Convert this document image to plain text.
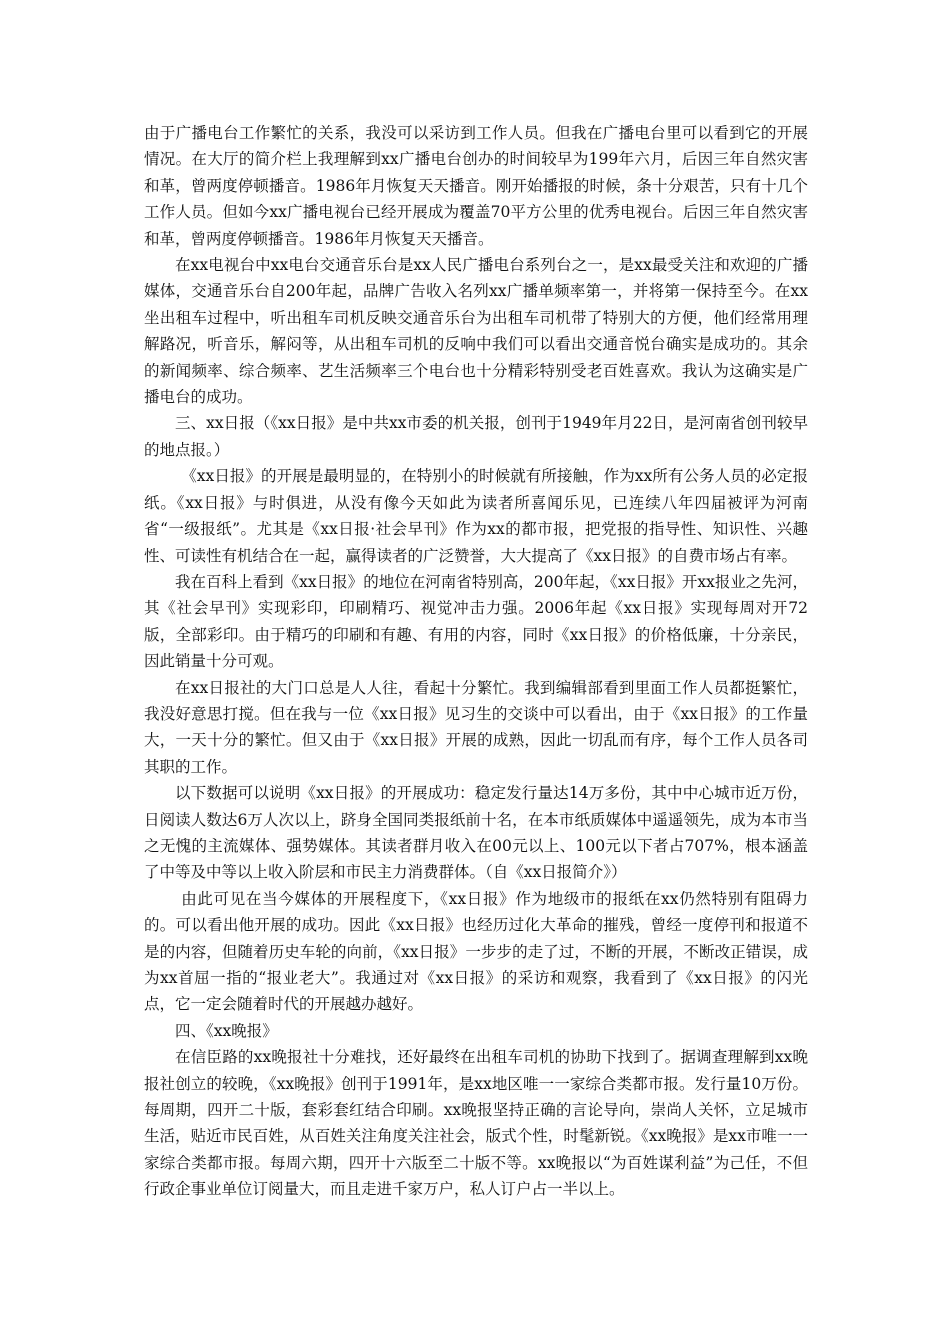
由于广播电台工作繁忙的关系，我没可以采访到工作人员。但我在广播电台里可以看到它的开展情况。在大厅的简介栏上我理解到xx广播电台创办的时间较早为199年六月，后因三年自然灾害和革，曾两度停顿播音。1986年月恢复天天播音。刚开始播报的时候，条十分艰苦，只有十几个工作人员。但如今xx广播电视台已经开展成为覆盖70平方公里的优秀电视台。后因三年自然灾害和革，曾两度停顿播音。1986年月恢复天天播音。

在xx电视台中xx电台交通音乐台是xx人民广播电台系列台之一，是xx最受关注和欢迎的广播媒体，交通音乐台自200年起，品牌广告收入名列xx广播单频率第一，并将第一保持至今。在xx坐出租车过程中，听出租车司机反映交通音乐台为出租车司机带了特别大的方便，他们经常用理解路况，听音乐，解闷等，从出租车司机的反响中我们可以看出交通音悦台确实是成功的。其余的新闻频率、综合频率、艺生活频率三个电台也十分精彩特别受老百姓喜欢。我认为这确实是广播电台的成功。

三、xx日报（《xx日报》是中共xx市委的机关报，创刊于1949年月22日，是河南省创刊较早的地点报。）

《xx日报》的开展是最明显的，在特别小的时候就有所接触，作为xx所有公务人员的必定报纸。《xx日报》与时俱进，从没有像今天如此为读者所喜闻乐见，已连续八年四届被评为河南省“一级报纸”。尤其是《xx日报·社会早刊》作为xx的都市报，把党报的指导性、知识性、兴趣性、可读性有机结合在一起，赢得读者的广泛赞誉，大大提高了《xx日报》的自费市场占有率。

我在百科上看到《xx日报》的地位在河南省特别高，200年起，《xx日报》开xx报业之先河，其《社会早刊》实现彩印，印刷精巧、视觉冲击力强。2006年起《xx日报》实现每周对开72版，全部彩印。由于精巧的印刷和有趣、有用的内容，同时《xx日报》的价格低廉，十分亲民，因此销量十分可观。

在xx日报社的大门口总是人人往，看起十分繁忙。我到编辑部看到里面工作人员都挺繁忙，我没好意思打搅。但在我与一位《xx日报》见习生的交谈中可以看出，由于《xx日报》的工作量大，一天十分的繁忙。但又由于《xx日报》开展的成熟，因此一切乱而有序，每个工作人员各司其职的工作。

以下数据可以说明《xx日报》的开展成功：稳定发行量达14万多份，其中中心城市近万份，日阅读人数达6万人次以上，跻身全国同类报纸前十名，在本市纸质媒体中遥遥领先，成为本市当之无愧的主流媒体、强势媒体。其读者群月收入在00元以上、100元以下者占707%，根本涵盖了中等及中等以上收入阶层和市民主力消费群体。（自《xx日报简介》）

由此可见在当今媒体的开展程度下，《xx日报》作为地级市的报纸在xx仍然特别有阻碍力的。可以看出他开展的成功。因此《xx日报》也经历过化大革命的摧残，曾经一度停刊和报道不是的内容，但随着历史车轮的向前，《xx日报》一步步的走了过，不断的开展，不断改正错误，成为xx首屈一指的“报业老大”。我通过对《xx日报》的采访和观察，我看到了《xx日报》的闪光点，它一定会随着时代的开展越办越好。

四、《xx晚报》

在信臣路的xx晚报社十分难找，还好最终在出租车司机的协助下找到了。据调查理解到xx晚报社创立的较晚，《xx晚报》创刊于1991年，是xx地区唯一一家综合类都市报。发行量10万份。每周期，四开二十版，套彩套红结合印刷。xx晚报坚持正确的言论导向，崇尚人关怀，立足城市生活，贴近市民百姓，从百姓关注角度关注社会，版式个性，时髦新锐。《xx晚报》是xx市唯一一家综合类都市报。每周六期，四开十六版至二十版不等。xx晚报以“为百姓谋利益”为己任，不但行政企事业单位订阅量大，而且走进千家万户，私人订户占一半以上。
